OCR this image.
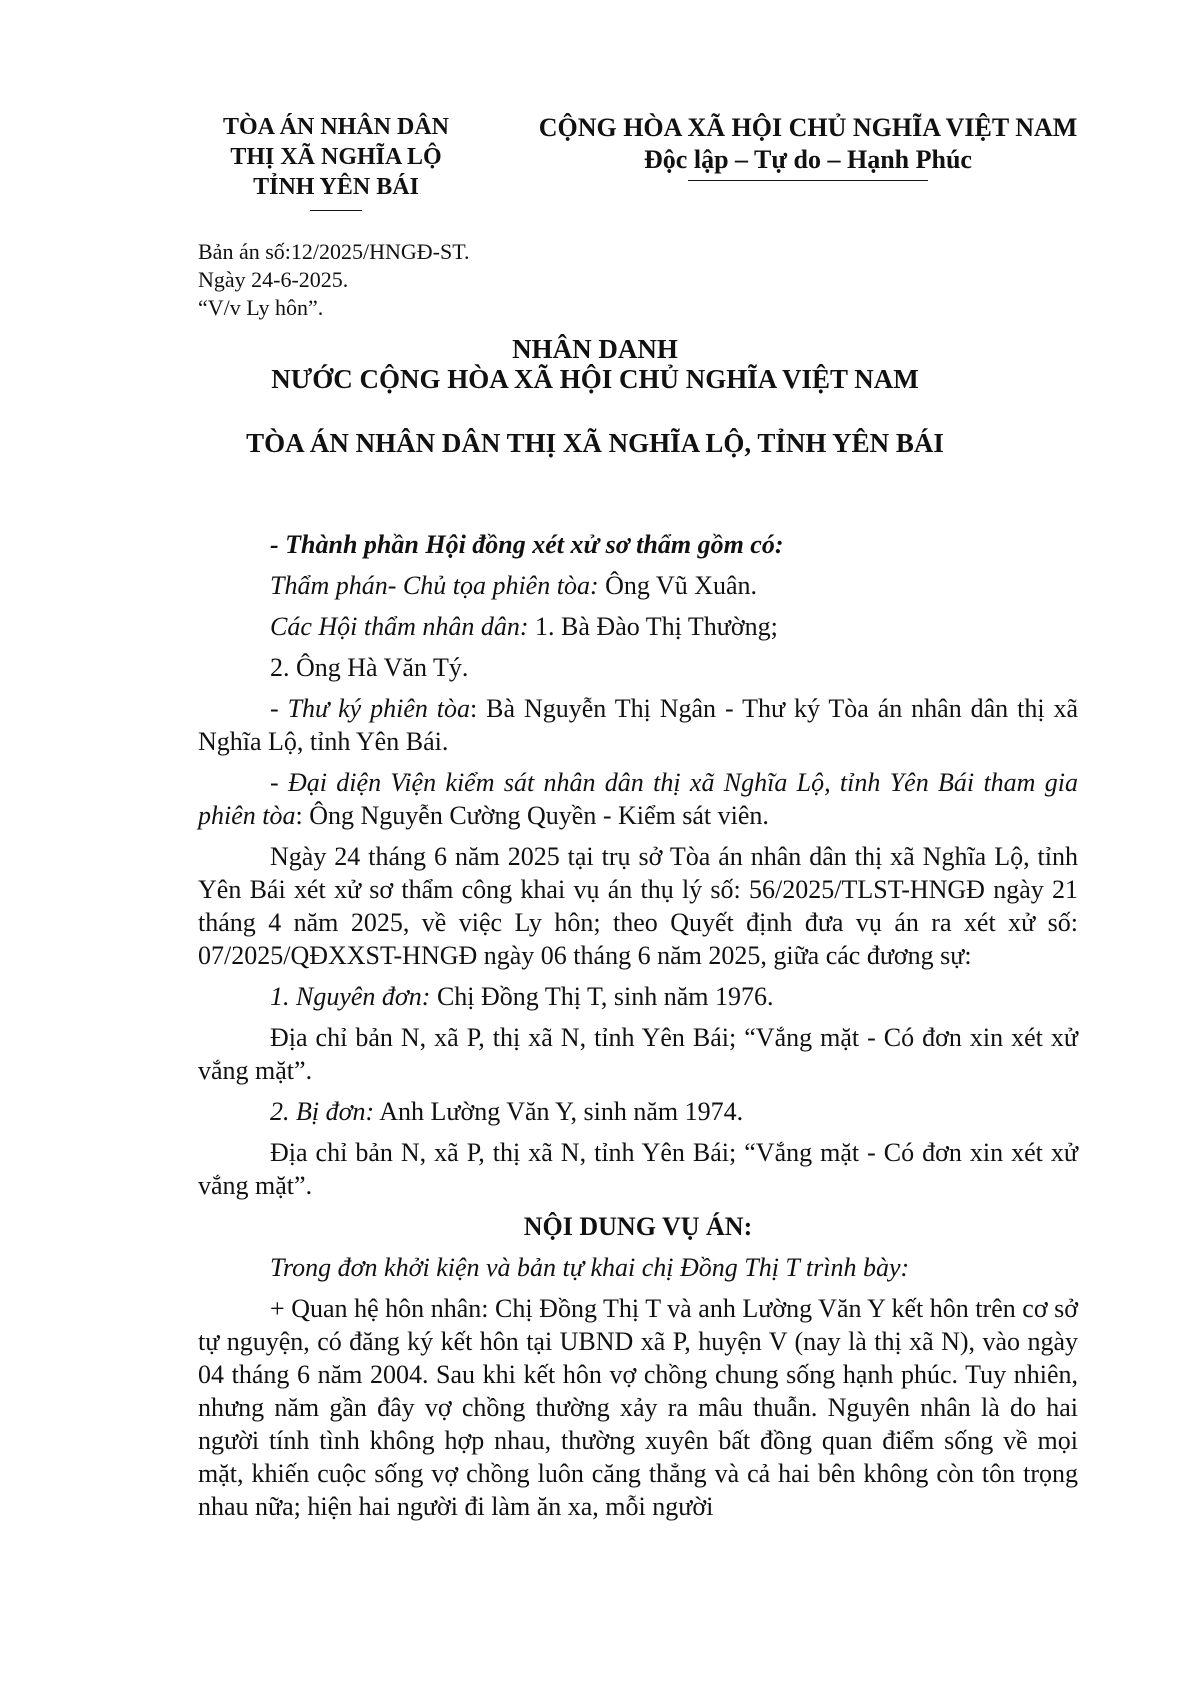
TÒA ÁN NHÂN DÂN
THỊ XÃ NGHĨA LỘ
TỈNH YÊN BÁI
CỘNG HÒA XÃ HỘI CHỦ NGHĨA VIỆT NAM
Độc lập – Tự do – Hạnh Phúc
Bản án số:12/2025/HNGĐ-ST.
Ngày 24-6-2025.
“V/v Ly hôn”.
NHÂN DANH
NƯỚC CỘNG HÒA XÃ HỘI CHỦ NGHĨA VIỆT NAM
TÒA ÁN NHÂN DÂN THỊ XÃ NGHĨA LỘ, TỈNH YÊN BÁI

- Thành phần Hội đồng xét xử sơ thẩm gồm có:

Thẩm phán- Chủ tọa phiên tòa: Ông Vũ Xuân.

Các Hội thẩm nhân dân: 1. Bà Đào Thị Thường;

2. Ông Hà Văn Tý.

- Thư ký phiên tòa: Bà Nguyễn Thị Ngân - Thư ký Tòa án nhân dân thị xã Nghĩa Lộ, tỉnh Yên Bái.

- Đại diện Viện kiểm sát nhân dân thị xã Nghĩa Lộ, tỉnh Yên Bái tham gia phiên tòa: Ông Nguyễn Cường Quyền - Kiểm sát viên.

Ngày 24 tháng 6 năm 2025 tại trụ sở Tòa án nhân dân thị xã Nghĩa Lộ, tỉnh Yên Bái xét xử sơ thẩm công khai vụ án thụ lý số: 56/2025/TLST-HNGĐ ngày 21 tháng 4 năm 2025, về việc Ly hôn; theo Quyết định đưa vụ án ra xét xử số: 07/2025/QĐXXST-HNGĐ ngày 06 tháng 6 năm 2025, giữa các đương sự:

1. Nguyên đơn: Chị Đồng Thị T, sinh năm 1976.

Địa chỉ bản N, xã P, thị xã N, tỉnh Yên Bái; “Vắng mặt - Có đơn xin xét xử vắng mặt”.

2. Bị đơn: Anh Lường Văn Y, sinh năm 1974.

Địa chỉ bản N, xã P, thị xã N, tỉnh Yên Bái; “Vắng mặt - Có đơn xin xét xử vắng mặt”.

NỘI DUNG VỤ ÁN:

Trong đơn khởi kiện và bản tự khai chị Đồng Thị T trình bày:

+ Quan hệ hôn nhân: Chị Đồng Thị T và anh Lường Văn Y kết hôn trên cơ sở tự nguyện, có đăng ký kết hôn tại UBND xã P, huyện V (nay là thị xã N), vào ngày 04 tháng 6 năm 2004. Sau khi kết hôn vợ chồng chung sống hạnh phúc. Tuy nhiên, nhưng năm gần đây vợ chồng thường xảy ra mâu thuẫn. Nguyên nhân là do hai người tính tình không hợp nhau, thường xuyên bất đồng quan điểm sống về mọi mặt, khiến cuộc sống vợ chồng luôn căng thẳng và cả hai bên không còn tôn trọng nhau nữa; hiện hai người đi làm ăn xa, mỗi người
